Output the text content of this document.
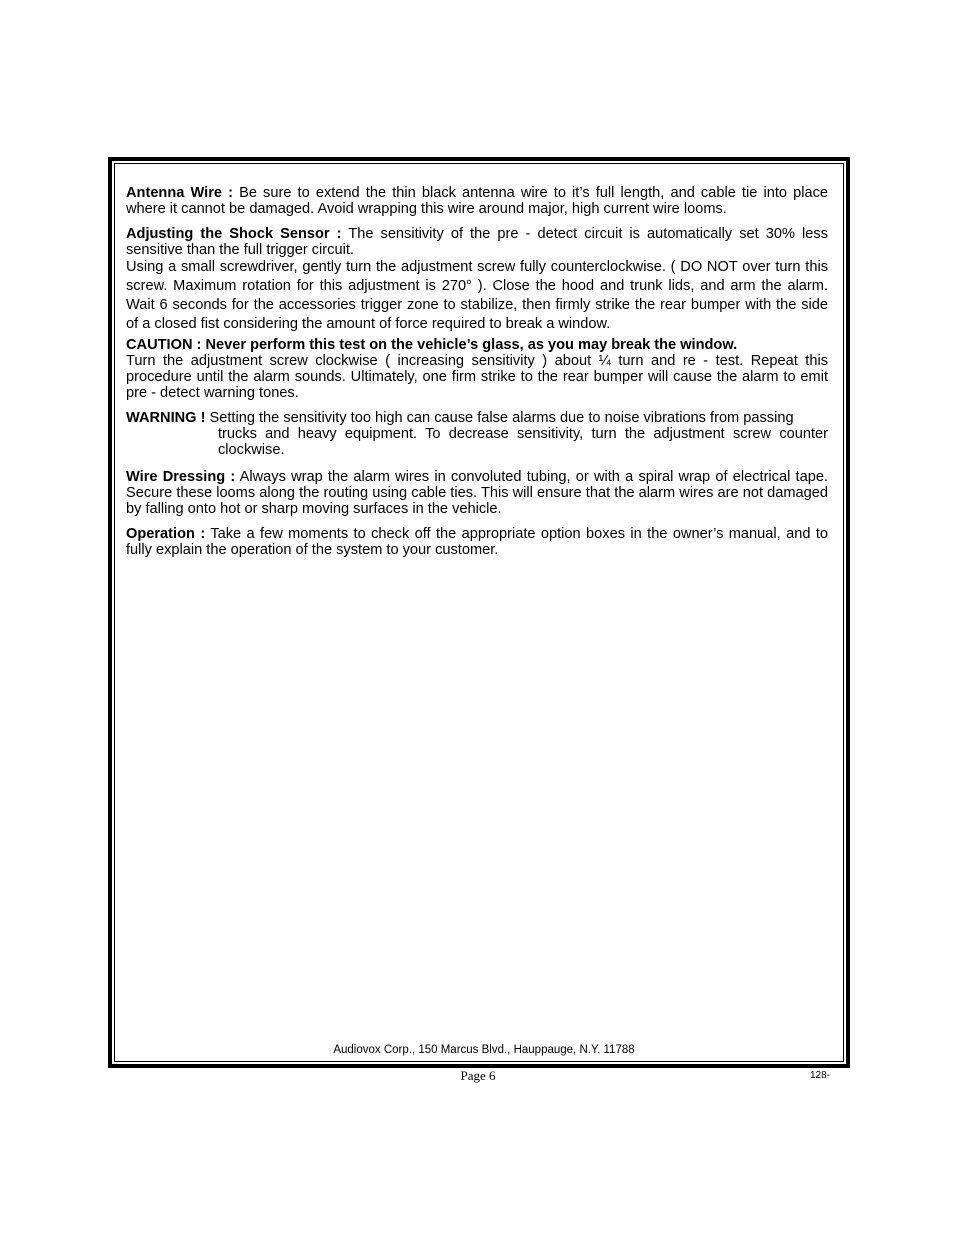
Antenna Wire : Be sure to extend the thin black antenna wire to it’s full length, and cable tie into place where it cannot be damaged. Avoid wrapping this wire around major, high current wire looms.

Adjusting the Shock Sensor : The sensitivity of the pre - detect circuit is automatically set 30% less sensitive than the full trigger circuit.

Using a small screwdriver, gently turn the adjustment screw fully counterclockwise. ( DO NOT over turn this screw. Maximum rotation for this adjustment is 270° ). Close the hood and trunk lids, and arm the alarm. Wait 6 seconds for the accessories trigger zone to stabilize, then firmly strike the rear bumper with the side of a closed fist considering the amount of force required to break a window.

CAUTION : Never perform this test on the vehicle’s glass, as you may break the window.

Turn the adjustment screw clockwise ( increasing sensitivity ) about ¼ turn and re - test. Repeat this procedure until the alarm sounds. Ultimately, one firm strike to the rear bumper will cause the alarm to emit pre - detect warning tones.

WARNING ! Setting the sensitivity too high can cause false alarms due to noise vibrations from passing

trucks and heavy equipment. To decrease sensitivity, turn the adjustment screw counter clockwise.

Wire Dressing : Always wrap the alarm wires in convoluted tubing, or with a spiral wrap of electrical tape. Secure these looms along the routing using cable ties. This will ensure that the alarm wires are not damaged by falling onto hot or sharp moving surfaces in the vehicle.

Operation : Take a few moments to check off the appropriate option boxes in the owner’s manual, and to fully explain the operation of the system to your customer.

Audiovox Corp., 150 Marcus Blvd., Hauppauge, N.Y. 11788
Page 6	128-
